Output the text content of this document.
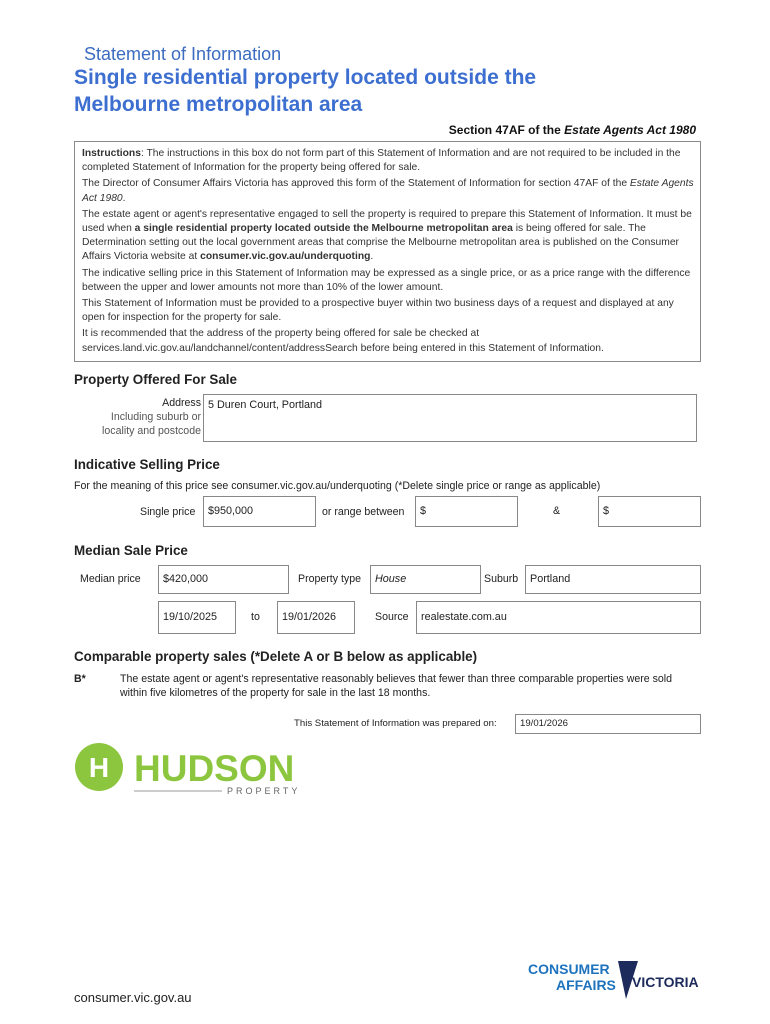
Statement of Information
Single residential property located outside the
Melbourne metropolitan area
Section 47AF of the Estate Agents Act 1980

Instructions: The instructions in this box do not form part of this Statement of Information and are not required to be included in the completed Statement of Information for the property being offered for sale.

The Director of Consumer Affairs Victoria has approved this form of the Statement of Information for section 47AF of the Estate Agents Act 1980.

The estate agent or agent's representative engaged to sell the property is required to prepare this Statement of Information. It must be used when a single residential property located outside the Melbourne metropolitan area is being offered for sale. The Determination setting out the local government areas that comprise the Melbourne metropolitan area is published on the Consumer Affairs Victoria website at consumer.vic.gov.au/underquoting.

The indicative selling price in this Statement of Information may be expressed as a single price, or as a price range with the difference between the upper and lower amounts not more than 10% of the lower amount.

This Statement of Information must be provided to a prospective buyer within two business days of a request and displayed at any open for inspection for the property for sale.

It is recommended that the address of the property being offered for sale be checked at services.land.vic.gov.au/landchannel/content/addressSearch before being entered in this Statement of Information.

Property Offered For Sale
Address
Including suburb or
locality and postcode
5 Duren Court, Portland
Indicative Selling Price
For the meaning of this price see consumer.vic.gov.au/underquoting (*Delete single price or range as applicable)
Single price	$950,000	or range between	$	&	$
Median Sale Price
Median price	$420,000	Property type	House	Suburb	Portland
19/10/2025	to	19/01/2026	Source	realestate.com.au
Comparable property sales (*Delete A or B below as applicable)
B*	The estate agent or agent's representative reasonably believes that fewer than three comparable properties were sold within five kilometres of the property for sale in the last 18 months.
This Statement of Information was prepared on:	19/01/2026
H HUDSON
PROPERTY
CONSUMER
AFFAIRS VICTORIA
consumer.vic.gov.au
